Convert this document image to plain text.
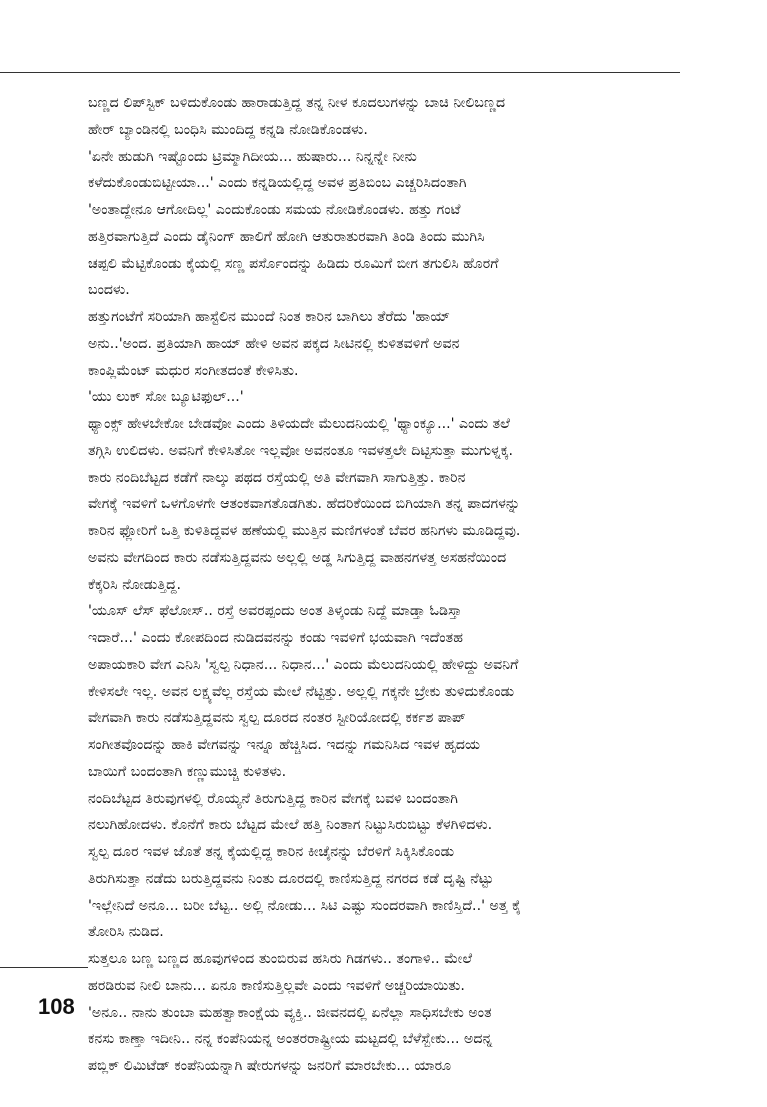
ಬಣ್ಣದ ಲಿಪ್‌ಸ್ಟಿಕ್ ಬಳಿದುಕೊಂಡು ಹಾರಾಡುತ್ತಿದ್ದ ತನ್ನ ನೀಳ ಕೂದಲುಗಳನ್ನು ಬಾಚಿ ನೀಲಿಬಣ್ಣದ
ಹೇರ್ ಬ್ಯಾಂಡಿನಲ್ಲಿ ಬಂಧಿಸಿ ಮುಂದಿದ್ದ ಕನ್ನಡಿ ನೋಡಿಕೊಂಡಳು.
'ಏನೇ ಹುಡುಗಿ ಇಷ್ಟೊಂದು ಟ್ರಿಮ್ಮಾಗಿದೀಯ... ಹುಷಾರು... ನಿನ್ನನ್ನೇ ನೀನು
ಕಳೆದುಕೊಂಡುಬಿಟ್ಟೀಯಾ...' ಎಂದು ಕನ್ನಡಿಯಲ್ಲಿದ್ದ ಅವಳ ಪ್ರತಿಬಿಂಬ ಎಚ್ಚರಿಸಿದಂತಾಗಿ
'ಅಂತಾದ್ದೇನೂ ಆಗೋದಿಲ್ಲ' ಎಂದುಕೊಂಡು ಸಮಯ ನೋಡಿಕೊಂಡಳು. ಹತ್ತು ಗಂಟೆ
ಹತ್ತಿರವಾಗುತ್ತಿದೆ ಎಂದು ಡೈನಿಂಗ್ ಹಾಲಿಗೆ ಹೋಗಿ ಆತುರಾತುರವಾಗಿ ತಿಂಡಿ ತಿಂದು ಮುಗಿಸಿ
ಚಪ್ಪಲಿ ಮೆಟ್ಟಿಕೊಂಡು ಕೈಯಲ್ಲಿ ಸಣ್ಣ ಪರ್ಸೊಂದನ್ನು ಹಿಡಿದು ರೂಮಿಗೆ ಬೀಗ ತಗುಲಿಸಿ ಹೊರಗೆ
ಬಂದಳು.
ಹತ್ತುಗಂಟೆಗೆ ಸರಿಯಾಗಿ ಹಾಸ್ಟೆಲಿನ ಮುಂದೆ ನಿಂತ ಕಾರಿನ ಬಾಗಿಲು ತೆರೆದು 'ಹಾಯ್
ಅನು..'ಅಂದ. ಪ್ರತಿಯಾಗಿ ಹಾಯ್ ಹೇಳಿ ಅವನ ಪಕ್ಕದ ಸೀಟಿನಲ್ಲಿ ಕುಳಿತವಳಿಗೆ ಅವನ
ಕಾಂಪ್ಲಿಮೆಂಟ್ ಮಧುರ ಸಂಗೀತದಂತೆ ಕೇಳಿಸಿತು.
'ಯು ಲುಕ್ ಸೋ ಬ್ಯೂಟಿಫುಲ್...'
ಥ್ಯಾಂಕ್ಸ್ ಹೇಳಬೇಕೋ ಬೇಡವೋ ಎಂದು ತಿಳಿಯದೇ ಮೆಲುದನಿಯಲ್ಲಿ 'ಥ್ಯಾಂಕ್ಯೂ...' ಎಂದು ತಲೆ
ತಗ್ಗಿಸಿ ಉಲಿದಳು. ಅವನಿಗೆ ಕೇಳಿಸಿತೋ ಇಲ್ಲವೋ ಅವನಂತೂ ಇವಳತ್ತಲೇ ದಿಟ್ಟಿಸುತ್ತಾ ಮುಗುಳ್ನಕ್ಕ.
ಕಾರು ನಂದಿಬೆಟ್ಟದ ಕಡೆಗೆ ನಾಲ್ಕು ಪಥದ ರಸ್ತೆಯಲ್ಲಿ ಅತಿ ವೇಗವಾಗಿ ಸಾಗುತ್ತಿತ್ತು. ಕಾರಿನ
ವೇಗಕ್ಕೆ ಇವಳಿಗೆ ಒಳಗೊಳಗೇ ಆತಂಕವಾಗತೊಡಗಿತು. ಹೆದರಿಕೆಯಿಂದ ಬಿಗಿಯಾಗಿ ತನ್ನ ಪಾದಗಳನ್ನು
ಕಾರಿನ ಫ್ಲೋರಿಗೆ ಒತ್ತಿ ಕುಳಿತಿದ್ದವಳ ಹಣೆಯಲ್ಲಿ ಮುತ್ತಿನ ಮಣಿಗಳಂತೆ ಬೆವರ ಹನಿಗಳು ಮೂಡಿದ್ದವು.
ಅವನು ವೇಗದಿಂದ ಕಾರು ನಡೆಸುತ್ತಿದ್ದವನು ಅಲ್ಲಲ್ಲಿ ಅಡ್ಡ ಸಿಗುತ್ತಿದ್ದ ವಾಹನಗಳತ್ತ ಅಸಹನೆಯಿಂದ
ಕೆಕ್ಕರಿಸಿ ನೋಡುತ್ತಿದ್ದ.
'ಯೂಸ್ ಲೆಸ್ ಫೆಲೋಸ್.. ರಸ್ತೆ ಅವರಪ್ಪಂದು ಅಂತ ತಿಳ್ಕಂಡು ನಿದ್ದೆ ಮಾಡ್ತಾ ಓಡಿಸ್ತಾ
ಇದಾರೆ...' ಎಂದು ಕೋಪದಿಂದ ನುಡಿದವನನ್ನು ಕಂಡು ಇವಳಿಗೆ ಭಯವಾಗಿ ಇದೆಂತಹ
ಅಪಾಯಕಾರಿ ವೇಗ ಎನಿಸಿ 'ಸ್ವಲ್ಪ ನಿಧಾನ... ನಿಧಾನ...' ಎಂದು ಮೆಲುದನಿಯಲ್ಲಿ ಹೇಳಿದ್ದು ಅವನಿಗೆ
ಕೇಳಿಸಲೇ ಇಲ್ಲ. ಅವನ ಲಕ್ಷ್ಯವೆಲ್ಲ ರಸ್ತೆಯ ಮೇಲೆ ನೆಟ್ಟಿತ್ತು. ಅಲ್ಲಲ್ಲಿ ಗಕ್ಕನೇ ಬ್ರೇಕು ತುಳಿದುಕೊಂಡು
ವೇಗವಾಗಿ ಕಾರು ನಡೆಸುತ್ತಿದ್ದವನು ಸ್ವಲ್ಪ ದೂರದ ನಂತರ ಸ್ಟೀರಿಯೋದಲ್ಲಿ ಕರ್ಕಶ ಪಾಪ್
ಸಂಗೀತವೊಂದನ್ನು ಹಾಕಿ ವೇಗವನ್ನು ಇನ್ನೂ ಹೆಚ್ಚಿಸಿದ. ಇದನ್ನು ಗಮನಿಸಿದ ಇವಳ ಹೃದಯ
ಬಾಯಿಗೆ ಬಂದಂತಾಗಿ ಕಣ್ಣುಮುಚ್ಚಿ ಕುಳಿತಳು.
ನಂದಿಬೆಟ್ಟದ ತಿರುವುಗಳಲ್ಲಿ ರೊಯ್ಯನೆ ತಿರುಗುತ್ತಿದ್ದ ಕಾರಿನ ವೇಗಕ್ಕೆ ಬವಳಿ ಬಂದಂತಾಗಿ
ನಲುಗಿಹೋದಳು. ಕೊನೆಗೆ ಕಾರು ಬೆಟ್ಟದ ಮೇಲೆ ಹತ್ತಿ ನಿಂತಾಗ ನಿಟ್ಟುಸಿರುಬಿಟ್ಟು ಕೆಳಗಿಳಿದಳು.
ಸ್ವಲ್ಪ ದೂರ ಇವಳ ಜೊತೆ ತನ್ನ ಕೈಯಲ್ಲಿದ್ದ ಕಾರಿನ ಕೀಚೈನನ್ನು ಬೆರಳಿಗೆ ಸಿಕ್ಕಿಸಿಕೊಂಡು
ತಿರುಗಿಸುತ್ತಾ ನಡೆದು ಬರುತ್ತಿದ್ದವನು ನಿಂತು ದೂರದಲ್ಲಿ ಕಾಣಿಸುತ್ತಿದ್ದ ನಗರದ ಕಡೆ ದೃಷ್ಟಿ ನೆಟ್ಟು
'ಇಲ್ಲೇನಿದೆ ಅನೂ... ಬರೀ ಬೆಟ್ಟ.. ಅಲ್ಲಿ ನೋಡು... ಸಿಟಿ ಎಷ್ಟು ಸುಂದರವಾಗಿ ಕಾಣಿಸ್ತಿದೆ..' ಅತ್ತ ಕೈ
ತೋರಿಸಿ ನುಡಿದ.
ಸುತ್ತಲೂ ಬಣ್ಣ ಬಣ್ಣದ ಹೂವುಗಳಿಂದ ತುಂಬಿರುವ ಹಸಿರು ಗಿಡಗಳು.. ತಂಗಾಳಿ.. ಮೇಲೆ
ಹರಡಿರುವ ನೀಲಿ ಬಾನು... ಏನೂ ಕಾಣಿಸುತ್ತಿಲ್ಲವೇ ಎಂದು ಇವಳಿಗೆ ಅಚ್ಚರಿಯಾಯಿತು.
'ಅನೂ.. ನಾನು ತುಂಬಾ ಮಹತ್ವಾಕಾಂಕ್ಷೆಯ ವ್ಯಕ್ತಿ.. ಜೀವನದಲ್ಲಿ ಏನೆಲ್ಲಾ ಸಾಧಿಸಬೇಕು ಅಂತ
ಕನಸು ಕಾಣ್ತಾ ಇದೀನಿ.. ನನ್ನ ಕಂಪೆನಿಯನ್ನ ಅಂತರರಾಷ್ಟ್ರೀಯ ಮಟ್ಟದಲ್ಲಿ ಬೆಳೆಸ್ಬೇಕು... ಅದನ್ನ
ಪಬ್ಲಿಕ್ ಲಿಮಿಟೆಡ್ ಕಂಪೆನಿಯನ್ನಾಗಿ ಷೇರುಗಳನ್ನು ಜನರಿಗೆ ಮಾರಬೇಕು... ಯಾರೂ
108
